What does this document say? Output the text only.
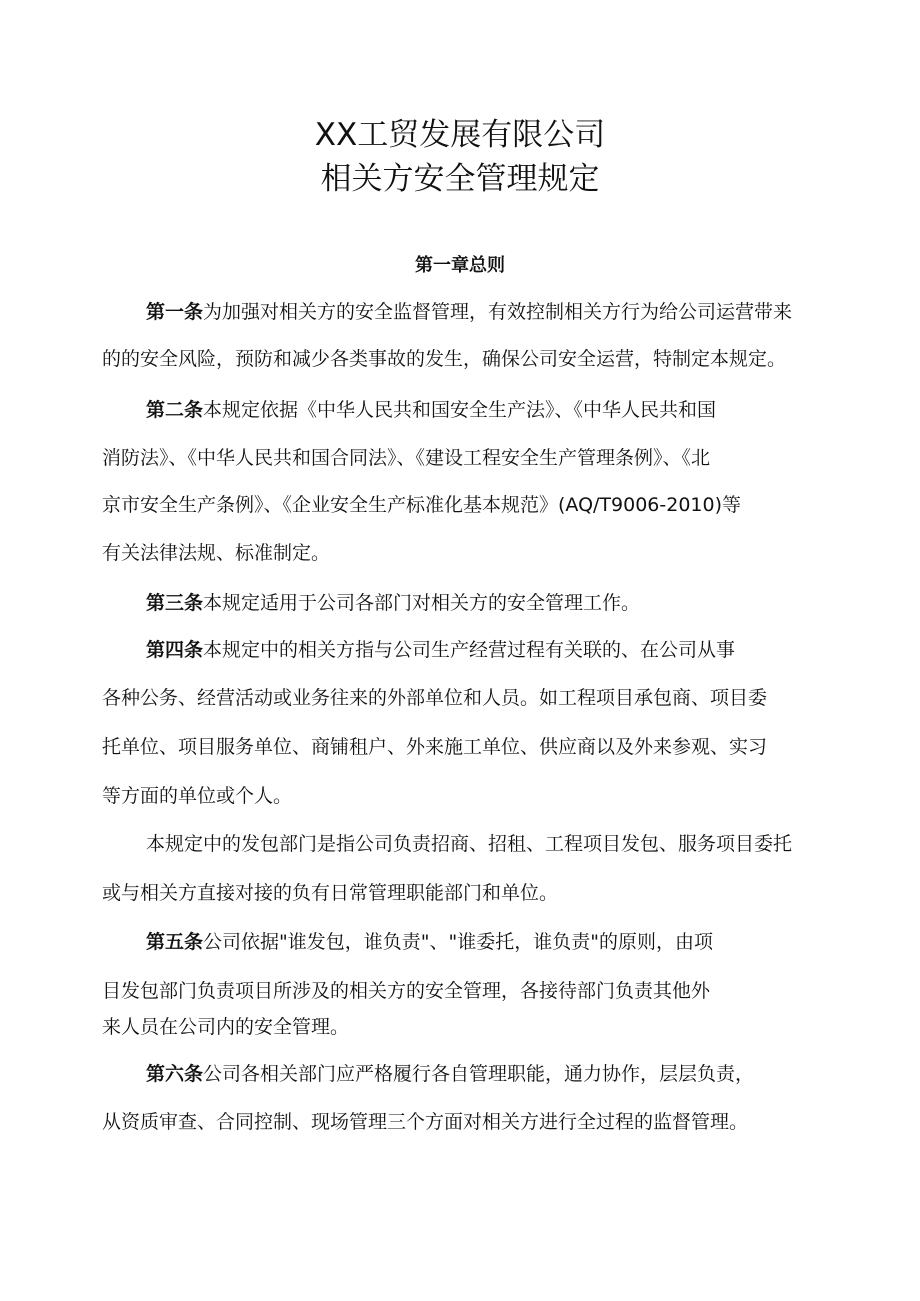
XX工贸发展有限公司
相关方安全管理规定
第一章总则
第一条为加强对相关方的安全监督管理，有效控制相关方行为给公司运营带来
的的安全风险，预防和减少各类事故的发生，确保公司安全运营，特制定本规定。
第二条本规定依据《中华人民共和国安全生产法》、《中华人民共和国
消防法》、《中华人民共和国合同法》、《建设工程安全生产管理条例》、《北
京市安全生产条例》、《企业安全生产标准化基本规范》(AQ/T9006-2010)等
有关法律法规、标准制定。
第三条本规定适用于公司各部门对相关方的安全管理工作。
第四条本规定中的相关方指与公司生产经营过程有关联的、在公司从事
各种公务、经营活动或业务往来的外部单位和人员。如工程项目承包商、项目委
托单位、项目服务单位、商铺租户、外来施工单位、供应商以及外来参观、实习
等方面的单位或个人。
本规定中的发包部门是指公司负责招商、招租、工程项目发包、服务项目委托
或与相关方直接对接的负有日常管理职能部门和单位。
第五条公司依据"谁发包，谁负责"、"谁委托，谁负责"的原则，由项
目发包部门负责项目所涉及的相关方的安全管理，各接待部门负责其他外
来人员在公司内的安全管理。
第六条公司各相关部门应严格履行各自管理职能，通力协作，层层负责，
从资质审查、合同控制、现场管理三个方面对相关方进行全过程的监督管理。
